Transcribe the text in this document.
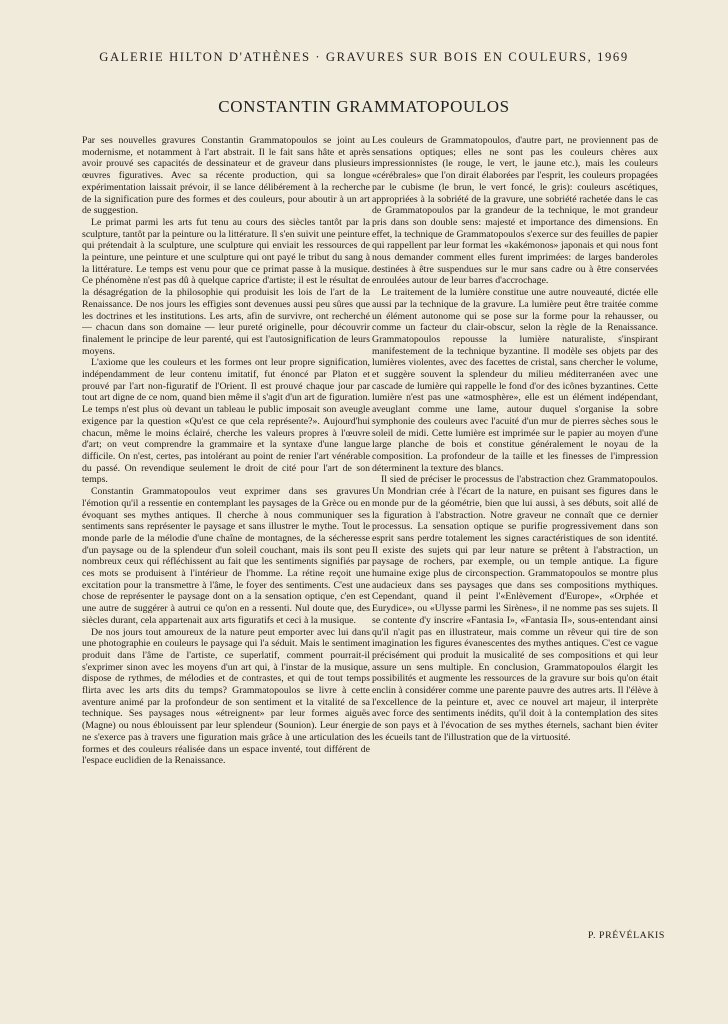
GALERIE HILTON D'ATHÈNES · GRAVURES SUR BOIS EN COULEURS, 1969
CONSTANTIN GRAMMATOPOULOS

Par ses nouvelles gravures Constantin Grammatopoulos se joint au modernisme, et notamment à l'art abstrait. Il le fait sans hâte et après avoir prouvé ses capacités de dessinateur et de graveur dans plusieurs œuvres figuratives. Avec sa récente production, qui sa longue expérimentation laissait prévoir, il se lance délibérement à la recherche de la signification pure des formes et des couleurs, pour aboutir à un art de suggestion.

Le primat parmi les arts fut tenu au cours des siècles tantôt par la sculpture, tantôt par la peinture ou la littérature. Il s'en suivit une peinture qui prétendait à la sculpture, une sculpture qui enviait les ressources de la peinture, une peinture et une sculpture qui ont payé le tribut du sang à la littérature. Le temps est venu pour que ce primat passe à la musique. Ce phénomène n'est pas dû à quelque caprice d'artiste; il est le résultat de la désagrégation de la philosophie qui produisit les lois de l'art de la Renaissance. De nos jours les effigies sont devenues aussi peu sûres que les doctrines et les institutions. Les arts, afin de survivre, ont recherché — chacun dans son domaine — leur pureté originelle, pour découvrir finalement le principe de leur parenté, qui est l'autosignification de leurs moyens.

L'axiome que les couleurs et les formes ont leur propre signification, indépendamment de leur contenu imitatif, fut énoncé par Platon et prouvé par l'art non-figuratif de l'Orient. Il est prouvé chaque jour par tout art digne de ce nom, quand bien même il s'agit d'un art de figuration. Le temps n'est plus où devant un tableau le public imposait son aveugle exigence par la question «Qu'est ce que cela représente?». Aujourd'hui chacun, même le moins éclairé, cherche les valeurs propres à l'œuvre d'art; on veut comprendre la grammaire et la syntaxe d'une langue difficile. On n'est, certes, pas intolérant au point de renier l'art vénérable du passé. On revendique seulement le droit de cité pour l'art de son temps.

Constantin Grammatopoulos veut exprimer dans ses gravures l'émotion qu'il a ressentie en contemplant les paysages de la Grèce ou en évoquant ses mythes antiques. Il cherche à nous communiquer ses sentiments sans représenter le paysage et sans illustrer le mythe. Tout le monde parle de la mélodie d'une chaîne de montagnes, de la sécheresse d'un paysage ou de la splendeur d'un soleil couchant, mais ils sont peu nombreux ceux qui réfléchissent au fait que les sentiments signifiés par ces mots se produisent à l'intérieur de l'homme. La rétine reçoit une excitation pour la transmettre à l'âme, le foyer des sentiments. C'est une chose de représenter le paysage dont on a la sensation optique, c'en est une autre de suggérer à autrui ce qu'on en a ressenti. Nul doute que, des siècles durant, cela appartenait aux arts figuratifs et ceci à la musique.

De nos jours tout amoureux de la nature peut emporter avec lui dans une photographie en couleurs le paysage qui l'a séduit. Mais le sentiment produit dans l'âme de l'artiste, ce superlatif, comment pourrait-il s'exprimer sinon avec les moyens d'un art qui, à l'instar de la musique, dispose de rythmes, de mélodies et de contrastes, et qui de tout temps flirta avec les arts dits du temps? Grammatopoulos se livre à cette aventure animé par la profondeur de son sentiment et la vitalité de sa technique. Ses paysages nous «étreignent» par leur formes aiguës (Magne) ou nous éblouissent par leur splendeur (Sounion). Leur énergie ne s'exerce pas à travers une figuration mais grâce à une articulation des formes et des couleurs réalisée dans un espace inventé, tout différent de l'espace euclidien de la Renaissance.

Les couleurs de Grammatopoulos, d'autre part, ne proviennent pas de sensations optiques; elles ne sont pas les couleurs chères aux impressionnistes (le rouge, le vert, le jaune etc.), mais les couleurs «cérébrales» que l'on dirait élaborées par l'esprit, les couleurs propagées par le cubisme (le brun, le vert foncé, le gris): couleurs ascétiques, appropriées à la sobriété de la gravure, une sobriété rachetée dans le cas de Grammatopoulos par la grandeur de la technique, le mot grandeur pris dans son double sens: majesté et importance des dimensions. En effet, la technique de Grammatopoulos s'exerce sur des feuilles de papier qui rappellent par leur format les «kakémonos» japonais et qui nous font nous demander comment elles furent imprimées: de larges banderoles destinées à être suspendues sur le mur sans cadre ou à être conservées enroulées autour de leur barres d'accrochage.

Le traitement de la lumière constitue une autre nouveauté, dictée elle aussi par la technique de la gravure. La lumière peut être traitée comme un élément autonome qui se pose sur la forme pour la rehausser, ou comme un facteur du clair-obscur, selon la règle de la Renaissance. Grammatopoulos repousse la lumière naturaliste, s'inspirant manifestement de la technique byzantine. Il modèle ses objets par des lumières violentes, avec des facettes de cristal, sans chercher le volume, et suggère souvent la splendeur du milieu méditerranéen avec une cascade de lumière qui rappelle le fond d'or des icônes byzantines. Cette lumière n'est pas une «atmosphère», elle est un élément indépendant, aveuglant comme une lame, autour duquel s'organise la sobre symphonie des couleurs avec l'acuité d'un mur de pierres sèches sous le soleil de midi. Cette lumière est imprimée sur le papier au moyen d'une large planche de bois et constitue généralement le noyau de la composition. La profondeur de la taille et les finesses de l'impression déterminent la texture des blancs.

Il sied de préciser le processus de l'abstraction chez Grammatopoulos. Un Mondrian crée à l'écart de la nature, en puisant ses figures dans le monde pur de la géométrie, bien que lui aussi, à ses débuts, soit allé de la figuration à l'abstraction. Notre graveur ne connaît que ce dernier processus. La sensation optique se purifie progressivement dans son esprit sans perdre totalement les signes caractéristiques de son identité. Il existe des sujets qui par leur nature se prêtent à l'abstraction, un paysage de rochers, par exemple, ou un temple antique. La figure humaine exige plus de circonspection. Grammatopoulos se montre plus audacieux dans ses paysages que dans ses compositions mythiques. Cependant, quand il peint l'«Enlèvement d'Europe», «Orphée et Eurydice», ou «Ulysse parmi les Sirènes», il ne nomme pas ses sujets. Il se contente d'y inscrire «Fantasia I», «Fantasia II», sous-entendant ainsi qu'il n'agit pas en illustrateur, mais comme un rêveur qui tire de son imagination les figures évanescentes des mythes antiques. C'est ce vague précisément qui produit la musicalité de ses compositions et qui leur assure un sens multiple. En conclusion, Grammatopoulos élargit les possibilités et augmente les ressources de la gravure sur bois qu'on était enclin à considérer comme une parente pauvre des autres arts. Il l'élève à l'excellence de la peinture et, avec ce nouvel art majeur, il interprète avec force des sentiments inédits, qu'il doit à la contemplation des sites de son pays et à l'évocation de ses mythes éternels, sachant bien éviter les écueils tant de l'illustration que de la virtuosité.

P. PRÉVÉLAKIS
